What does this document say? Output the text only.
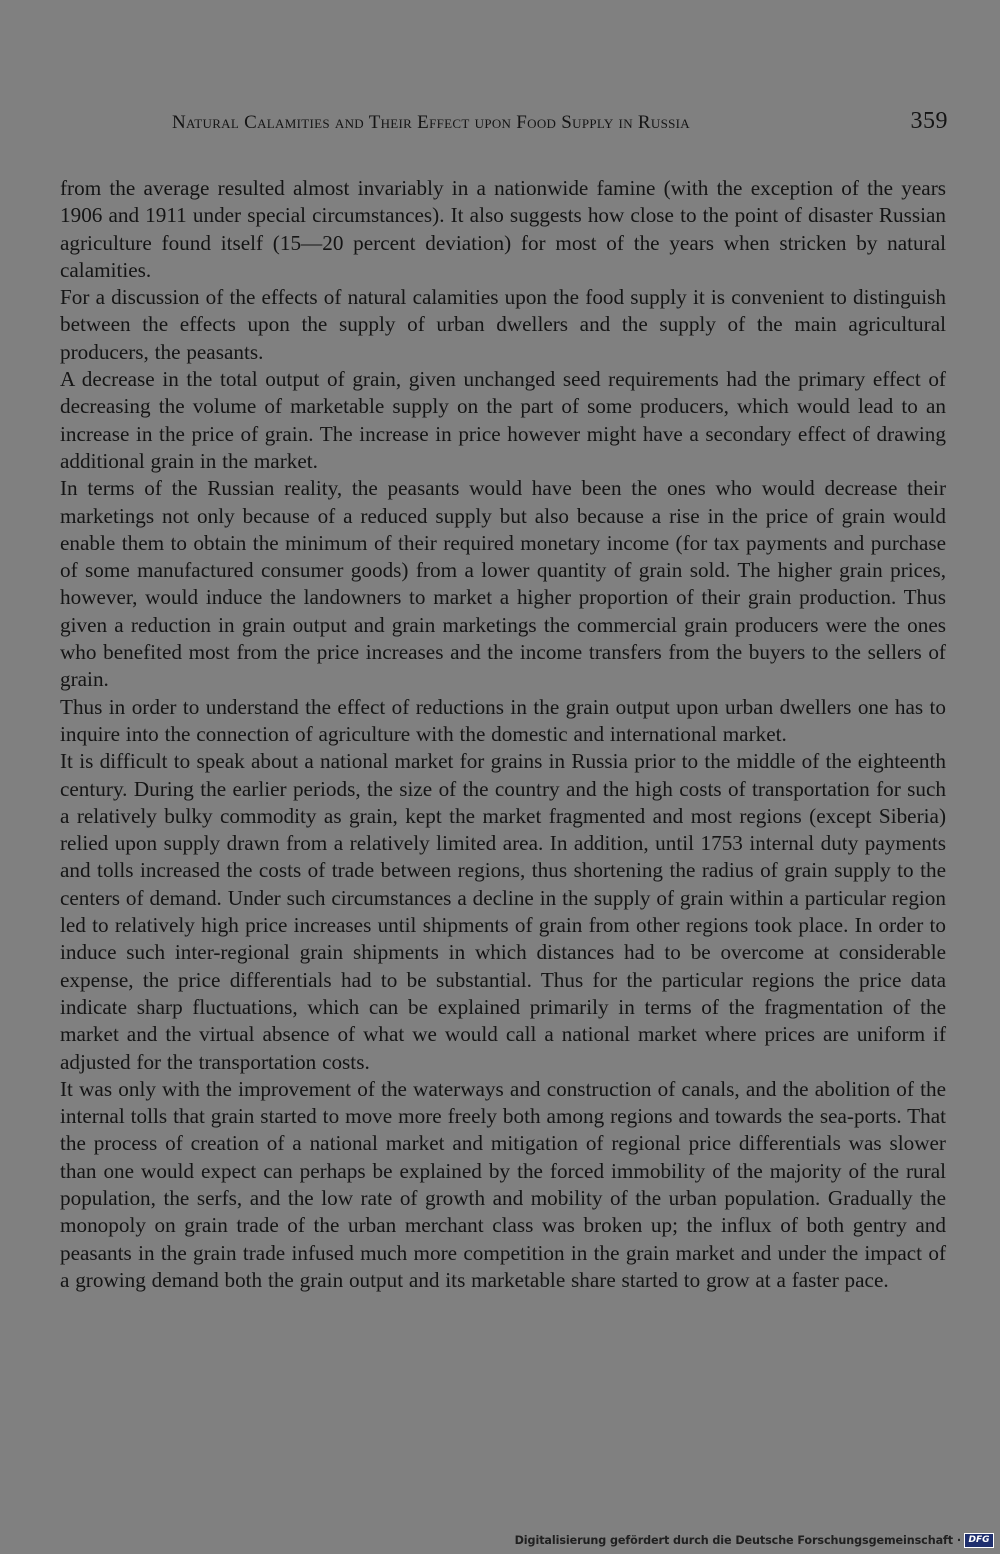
Natural Calamities and Their Effect upon Food Supply in Russia	359

from the average resulted almost invariably in a nationwide famine (with the exception of the years 1906 and 1911 under special circumstances). It also suggests how close to the point of disaster Russian agriculture found itself (15—20 percent deviation) for most of the years when stricken by natural calamities.

For a discussion of the effects of natural calamities upon the food supply it is convenient to distinguish between the effects upon the supply of urban dwellers and the supply of the main agricultural producers, the peasants.

A decrease in the total output of grain, given unchanged seed requirements had the primary effect of decreasing the volume of marketable supply on the part of some producers, which would lead to an increase in the price of grain. The increase in price however might have a secondary effect of drawing additional grain in the market.

In terms of the Russian reality, the peasants would have been the ones who would decrease their marketings not only because of a reduced supply but also because a rise in the price of grain would enable them to obtain the minimum of their required monetary income (for tax payments and purchase of some manufactured consumer goods) from a lower quantity of grain sold. The higher grain prices, however, would induce the landowners to market a higher proportion of their grain production. Thus given a reduction in grain output and grain marketings the commercial grain producers were the ones who benefited most from the price increases and the income transfers from the buyers to the sellers of grain.

Thus in order to understand the effect of reductions in the grain output upon urban dwellers one has to inquire into the connection of agriculture with the domestic and international market.

It is difficult to speak about a national market for grains in Russia prior to the middle of the eighteenth century. During the earlier periods, the size of the country and the high costs of transportation for such a relatively bulky commodity as grain, kept the market fragmented and most regions (except Siberia) relied upon supply drawn from a relatively limited area. In addition, until 1753 internal duty payments and tolls increased the costs of trade between regions, thus shortening the radius of grain supply to the centers of demand. Under such circumstances a decline in the supply of grain within a particular region led to relatively high price increases until shipments of grain from other regions took place. In order to induce such inter-regional grain shipments in which distances had to be overcome at considerable expense, the price differentials had to be substantial. Thus for the particular regions the price data indicate sharp fluctuations, which can be explained primarily in terms of the fragmentation of the market and the virtual absence of what we would call a national market where prices are uniform if adjusted for the transportation costs.

It was only with the improvement of the waterways and construction of canals, and the abolition of the internal tolls that grain started to move more freely both among regions and towards the sea-ports. That the process of creation of a national market and mitigation of regional price differentials was slower than one would expect can perhaps be explained by the forced immobility of the majority of the rural population, the serfs, and the low rate of growth and mobility of the urban population. Gradually the monopoly on grain trade of the urban merchant class was broken up; the influx of both gentry and peasants in the grain trade infused much more competition in the grain market and under the impact of a growing demand both the grain output and its marketable share started to grow at a faster pace.

Digitalisierung gefördert durch die Deutsche Forschungsgemeinschaft · DFG
